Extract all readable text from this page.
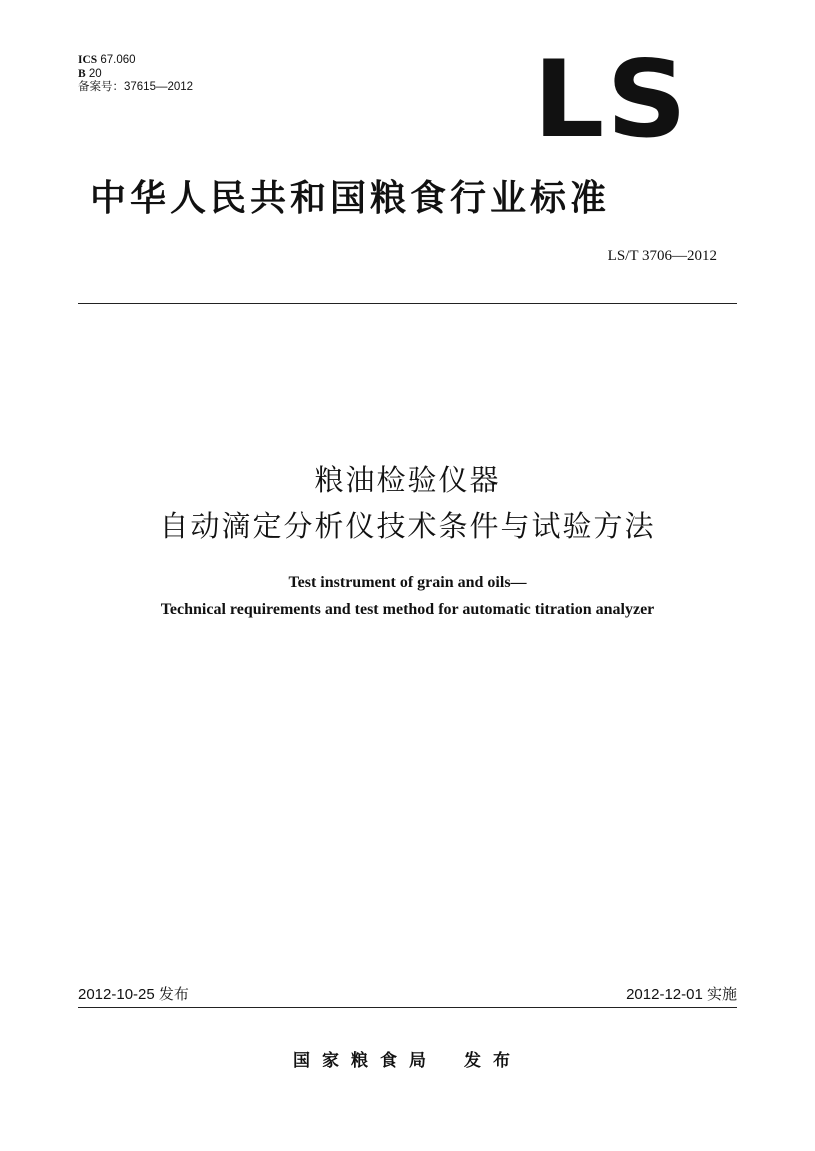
ICS 67.060
B 20
备案号：37615—2012	LS
中华人民共和国粮食行业标准
LS/T 3706—2012
粮油检验仪器
自动滴定分析仪技术条件与试验方法
Test instrument of grain and oils—
Technical requirements and test method for automatic titration analyzer
2012-10-25 发布	2012-12-01 实施
国家粮食局 发布
